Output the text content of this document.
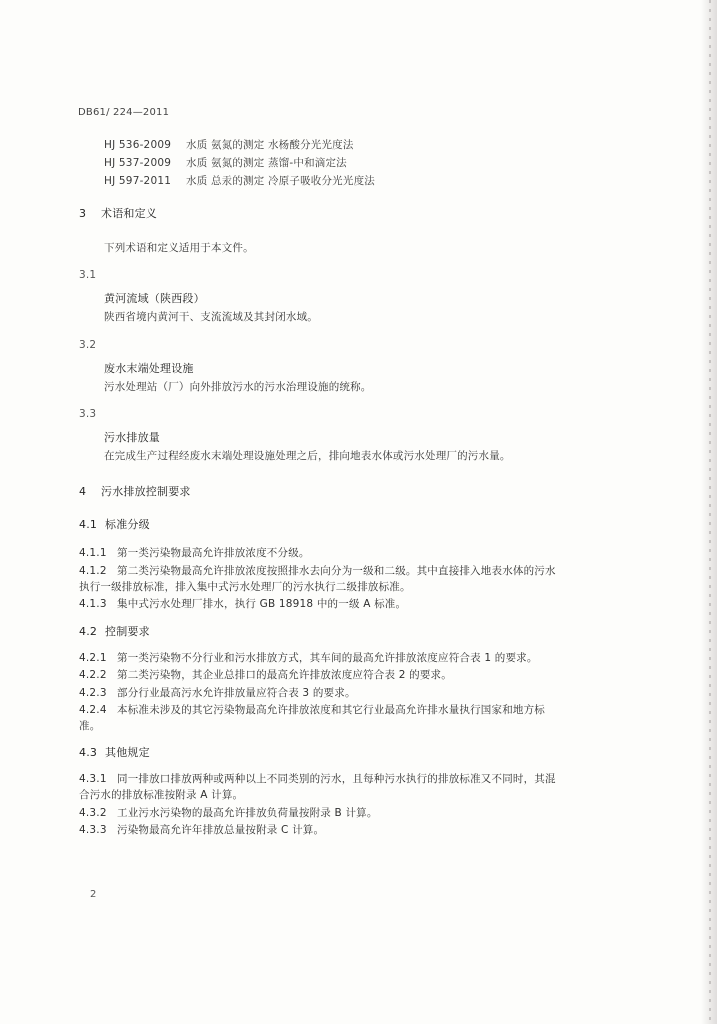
DB61/ 224—2011
HJ 536-2009 水质 氨氮的测定 水杨酸分光光度法
HJ 537-2009 水质 氨氮的测定 蒸馏-中和滴定法
HJ 597-2011 水质 总汞的测定 冷原子吸收分光光度法
3 术语和定义
下列术语和定义适用于本文件。
3.1
黄河流域（陕西段）
陕西省境内黄河干、支流流域及其封闭水域。
3.2
废水末端处理设施
污水处理站（厂）向外排放污水的污水治理设施的统称。
3.3
污水排放量
在完成生产过程经废水末端处理设施处理之后，排向地表水体或污水处理厂的污水量。
4 污水排放控制要求
4.1 标准分级
4.1.1 第一类污染物最高允许排放浓度不分级。
4.1.2 第二类污染物最高允许排放浓度按照排水去向分为一级和二级。其中直接排入地表水体的污水
执行一级排放标准，排入集中式污水处理厂的污水执行二级排放标准。
4.1.3 集中式污水处理厂排水，执行 GB 18918 中的一级 A 标准。
4.2 控制要求
4.2.1 第一类污染物不分行业和污水排放方式，其车间的最高允许排放浓度应符合表 1 的要求。
4.2.2 第二类污染物，其企业总排口的最高允许排放浓度应符合表 2 的要求。
4.2.3 部分行业最高污水允许排放量应符合表 3 的要求。
4.2.4 本标准未涉及的其它污染物最高允许排放浓度和其它行业最高允许排水量执行国家和地方标
准。
4.3 其他规定
4.3.1 同一排放口排放两种或两种以上不同类别的污水，且每种污水执行的排放标准又不同时，其混
合污水的排放标准按附录 A 计算。
4.3.2 工业污水污染物的最高允许排放负荷量按附录 B 计算。
4.3.3 污染物最高允许年排放总量按附录 C 计算。
2
